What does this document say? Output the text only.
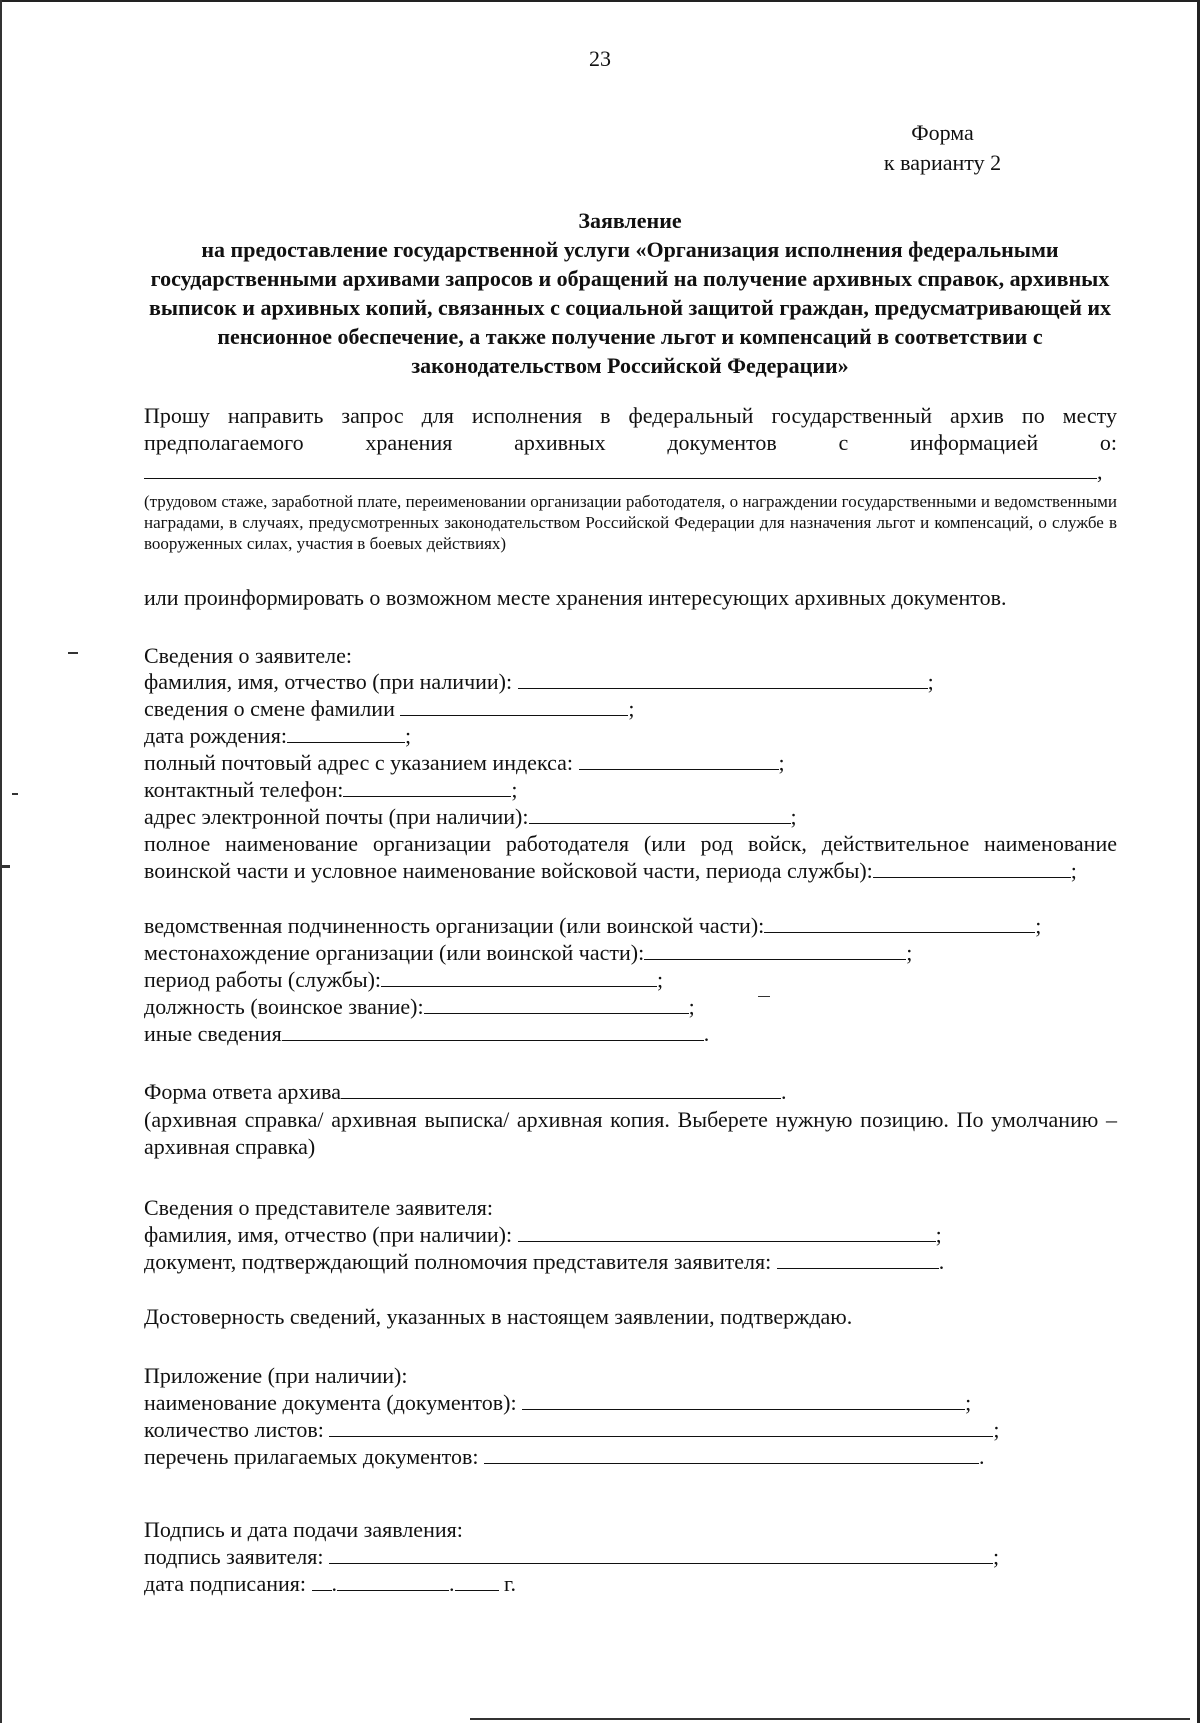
23
Форма
к варианту 2
Заявление
на предоставление государственной услуги «Организация исполнения федеральными государственными архивами запросов и обращений на получение архивных справок, архивных выписок и архивных копий, связанных с социальной защитой граждан, предусматривающей их пенсионное обеспечение, а также получение льгот и компенсаций в соответствии с законодательством Российской Федерации»
Прошу направить запрос для исполнения в федеральный государственный архив по месту предполагаемого хранения архивных документов с информацией о:
,
(трудовом стаже, заработной плате, переименовании организации работодателя, о награждении государственными и ведомственными наградами, в случаях, предусмотренных законодательством Российской Федерации для назначения льгот и компенсаций, о службе в вооруженных силах, участия в боевых действиях)
или проинформировать о возможном месте хранения интересующих архивных документов.
Сведения о заявителе:
фамилия, имя, отчество (при наличии):	;
сведения о смене фамилии	;
дата рождения:	;
полный почтовый адрес с указанием индекса:	;
контактный телефон:	;
адрес электронной почты (при наличии):	;
полное наименование организации работодателя (или род войск, действительное наименование воинской части и условное наименование войсковой части, периода службы):	;
ведомственная подчиненность организации (или воинской части):	;
местонахождение организации (или воинской части):	;
период работы (службы):	;
должность (воинское звание):	;
иные сведения	.
Форма ответа архива	.
(архивная справка/ архивная выписка/ архивная копия. Выберете нужную позицию. По умолчанию – архивная справка)
Сведения о представителе заявителя:
фамилия, имя, отчество (при наличии):	;
документ, подтверждающий полномочия представителя заявителя:	.
Достоверность сведений, указанных в настоящем заявлении, подтверждаю.
Приложение (при наличии):
наименование документа (документов):	;
количество листов:	;
перечень прилагаемых документов:	.
Подпись и дата подачи заявления:
подпись заявителя:	;
дата подписания: .	. г.
